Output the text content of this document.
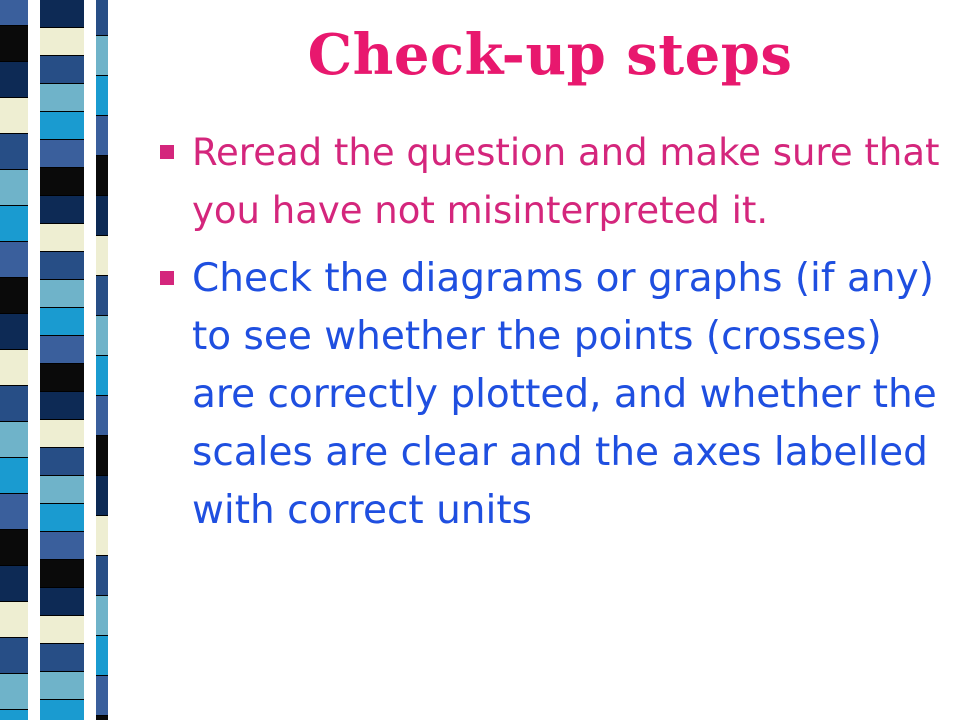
Check-up steps
Reread the question and make sure that you have not misinterpreted it.
Check the diagrams or graphs (if any) to see whether the points (crosses) are correctly plotted, and whether the scales are clear and the axes labelled with correct units
